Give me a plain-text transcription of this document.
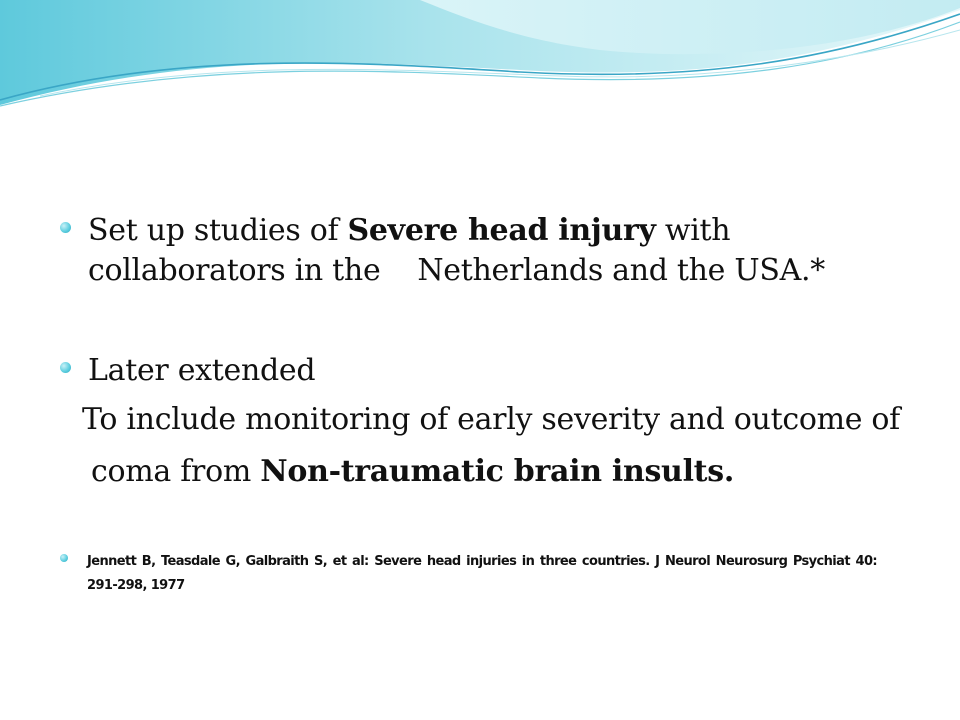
Set up studies of Severe head injury with
collaborators in the    Netherlands and the USA.*
Later extended
To include monitoring of early severity and outcome of
coma from Non-traumatic brain insults.
Jennett B, Teasdale G, Galbraith S, et al: Severe head injuries in three countries. J Neurol Neurosurg Psychiat 40: 291-298, 1977
